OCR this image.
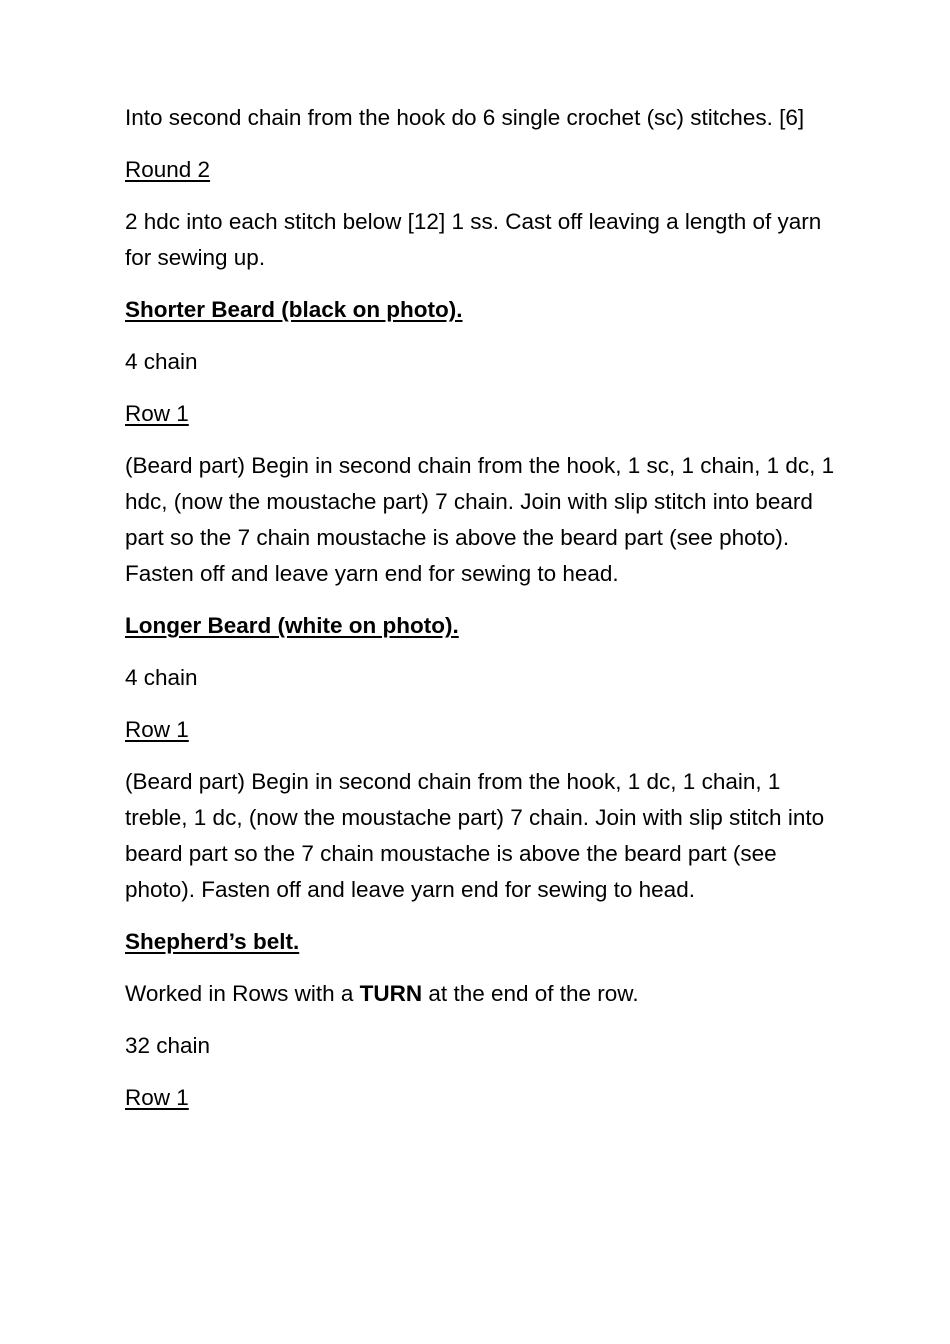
Into second chain from the hook do 6 single crochet (sc) stitches. [6]

Round 2

2 hdc into each stitch below [12] 1 ss. Cast off leaving a length of yarn for sewing up.

Shorter Beard (black on photo).

4 chain

Row 1

(Beard part) Begin in second chain from the hook, 1 sc, 1 chain, 1 dc, 1 hdc, (now the moustache part) 7 chain. Join with slip stitch into beard part so the 7 chain moustache is above the beard part (see photo). Fasten off and leave yarn end for sewing to head.

Longer Beard (white on photo).

4 chain

Row 1

(Beard part) Begin in second chain from the hook, 1 dc, 1 chain, 1 treble, 1 dc, (now the moustache part) 7 chain. Join with slip stitch into beard part so the 7 chain moustache is above the beard part (see photo). Fasten off and leave yarn end for sewing to head.

Shepherd’s belt.

Worked in Rows with a TURN at the end of the row.

32 chain

Row 1
